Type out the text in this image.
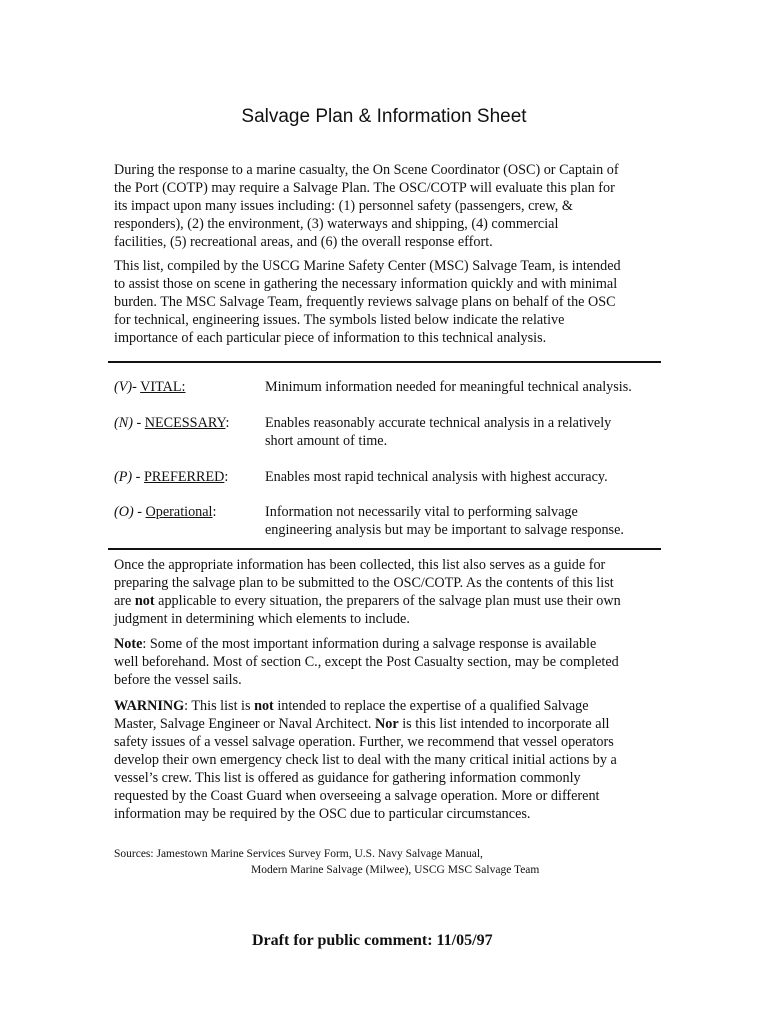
Salvage Plan & Information Sheet

During the response to a marine casualty, the On Scene Coordinator (OSC) or Captain of
the Port (COTP) may require a Salvage Plan. The OSC/COTP will evaluate this plan for
its impact upon many issues including: (1) personnel safety (passengers, crew, &
responders), (2) the environment, (3) waterways and shipping, (4) commercial
facilities, (5) recreational areas, and (6) the overall response effort.

This list, compiled by the USCG Marine Safety Center (MSC) Salvage Team, is intended
to assist those on scene in gathering the necessary information quickly and with minimal
burden. The MSC Salvage Team, frequently reviews salvage plans on behalf of the OSC
for technical, engineering issues. The symbols listed below indicate the relative
importance of each particular piece of information to this technical analysis.

(V)- VITAL:	Minimum information needed for meaningful technical analysis.
(N) - NECESSARY:	Enables reasonably accurate technical analysis in a relatively
short amount of time.
(P) - PREFERRED:	Enables most rapid technical analysis with highest accuracy.
(O) - Operational:	Information not necessarily vital to performing salvage
engineering analysis but may be important to salvage response.

Once the appropriate information has been collected, this list also serves as a guide for
preparing the salvage plan to be submitted to the OSC/COTP. As the contents of this list
are not applicable to every situation, the preparers of the salvage plan must use their own
judgment in determining which elements to include.

Note: Some of the most important information during a salvage response is available
well beforehand. Most of section C., except the Post Casualty section, may be completed
before the vessel sails.

WARNING: This list is not intended to replace the expertise of a qualified Salvage
Master, Salvage Engineer or Naval Architect. Nor is this list intended to incorporate all
safety issues of a vessel salvage operation. Further, we recommend that vessel operators
develop their own emergency check list to deal with the many critical initial actions by a
vessel’s crew. This list is offered as guidance for gathering information commonly
requested by the Coast Guard when overseeing a salvage operation. More or different
information may be required by the OSC due to particular circumstances.

Sources: Jamestown Marine Services Survey Form, U.S. Navy Salvage Manual,
Modern Marine Salvage (Milwee), USCG MSC Salvage Team
Draft for public comment: 11/05/97
